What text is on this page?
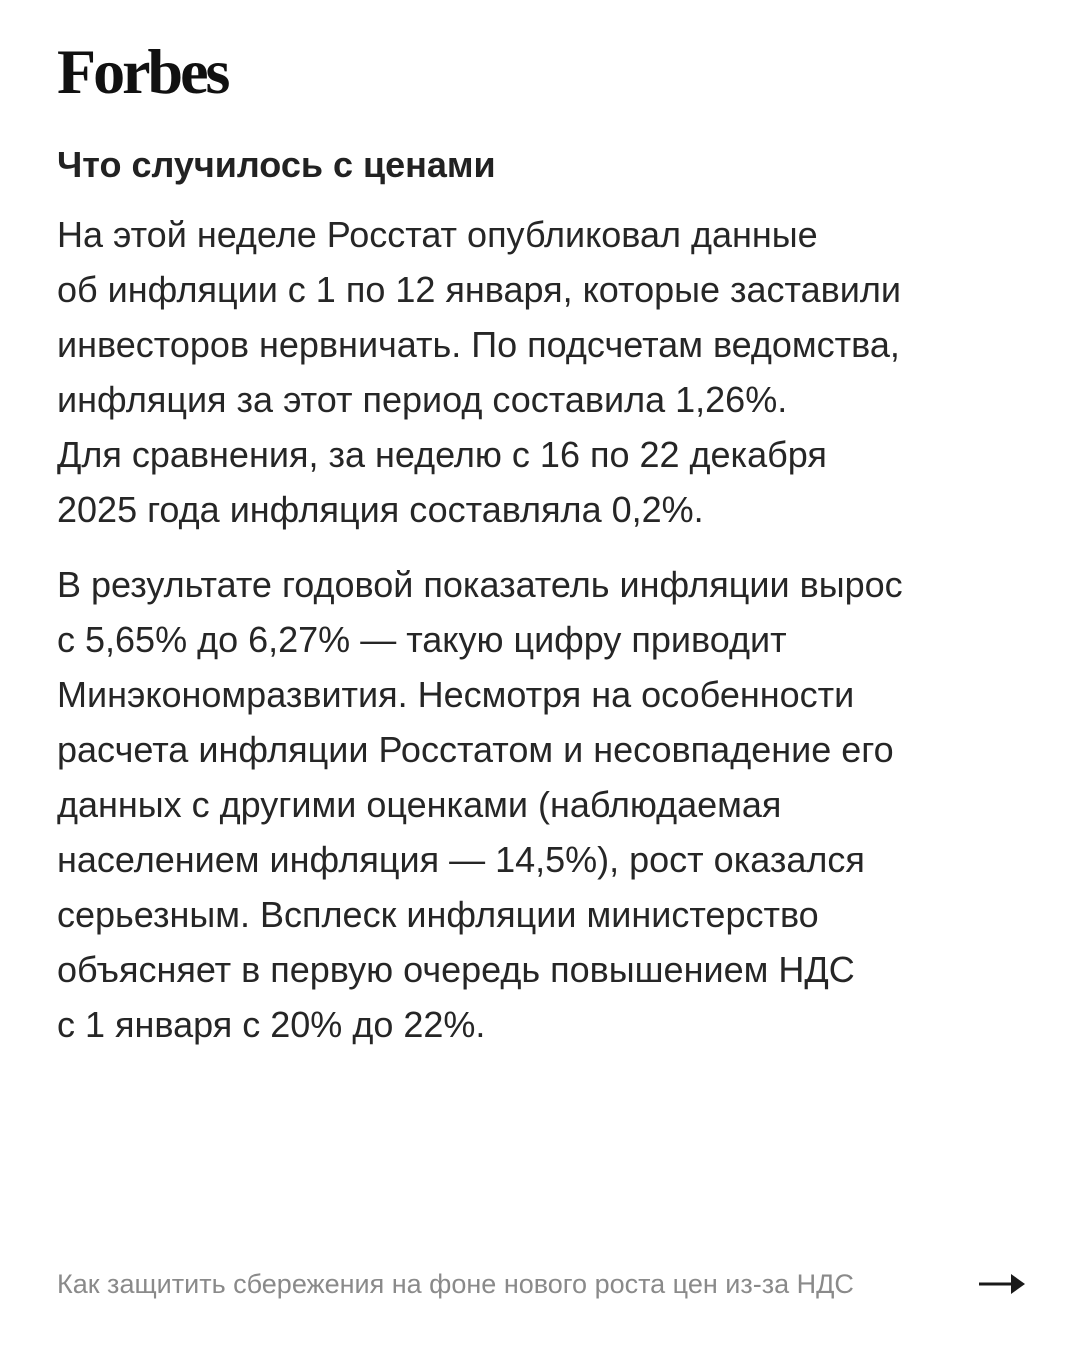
Forbes
Что случилось с ценами

На этой неделе Росстат опубликовал данные
об инфляции с 1 по 12 января, которые заставили
инвесторов нервничать. По подсчетам ведомства,
инфляция за этот период составила 1,26%.
Для сравнения, за неделю с 16 по 22 декабря
2025 года инфляция составляла 0,2%.

В результате годовой показатель инфляции вырос
с 5,65% до 6,27% — такую цифру приводит
Минэкономразвития. Несмотря на особенности
расчета инфляции Росстатом и несовпадение его
данных с другими оценками (наблюдаемая
населением инфляция — 14,5%), рост оказался
серьезным. Всплеск инфляции министерство
объясняет в первую очередь повышением НДС
с 1 января с 20% до 22%.

Как защитить сбережения на фоне нового роста цен из-за НДС
